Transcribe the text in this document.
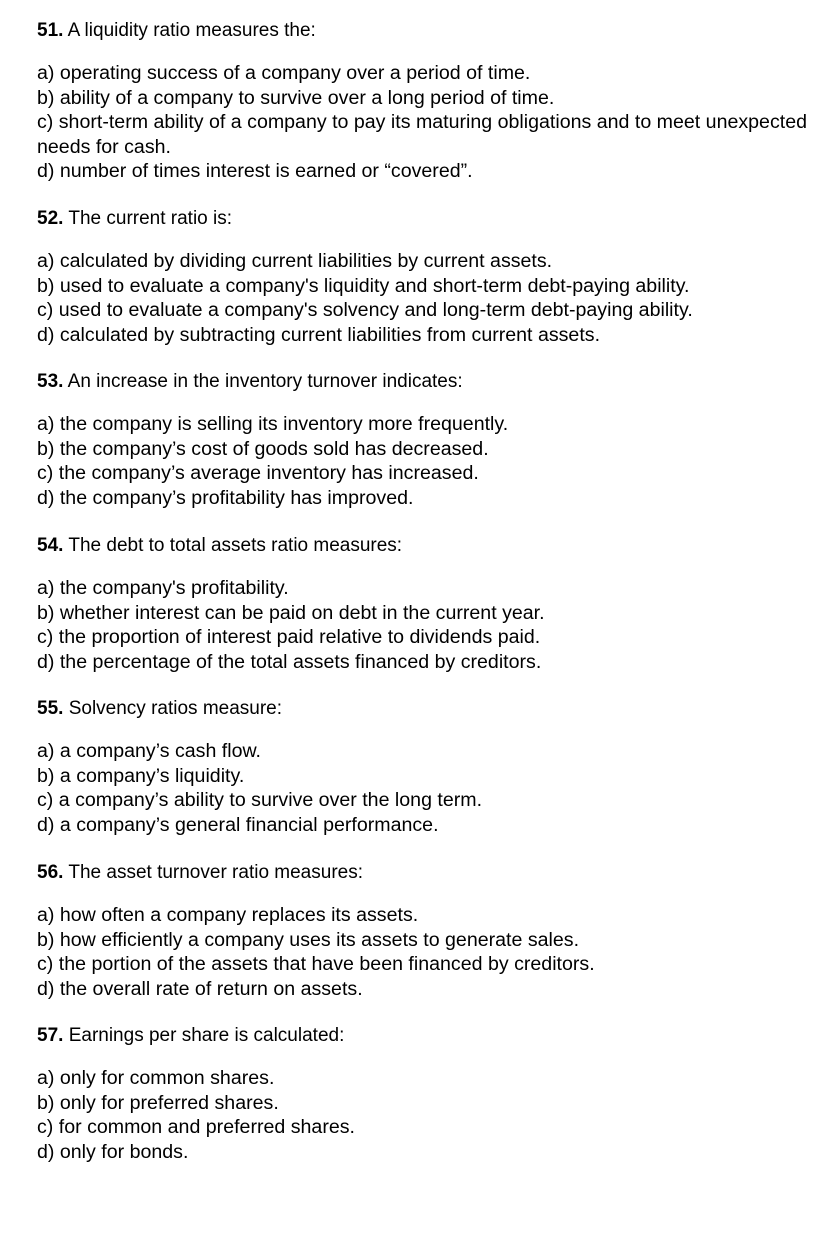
51. A liquidity ratio measures the:

a) operating success of a company over a period of time.
b) ability of a company to survive over a long period of time.
c) short-term ability of a company to pay its maturing obligations and to meet unexpected needs for cash.
d) number of times interest is earned or “covered”.

52. The current ratio is:

a) calculated by dividing current liabilities by current assets.
b) used to evaluate a company's liquidity and short-term debt-paying ability.
c) used to evaluate a company's solvency and long-term debt-paying ability.
d) calculated by subtracting current liabilities from current assets.

53. An increase in the inventory turnover indicates:

a) the company is selling its inventory more frequently.
b) the company’s cost of goods sold has decreased.
c) the company’s average inventory has increased.
d) the company’s profitability has improved.

54. The debt to total assets ratio measures:

a) the company's profitability.
b) whether interest can be paid on debt in the current year.
c) the proportion of interest paid relative to dividends paid.
d) the percentage of the total assets financed by creditors.

55. Solvency ratios measure:

a) a company’s cash flow.
b) a company’s liquidity.
c) a company’s ability to survive over the long term.
d) a company’s general financial performance.

56. The asset turnover ratio measures:

a) how often a company replaces its assets.
b) how efficiently a company uses its assets to generate sales.
c) the portion of the assets that have been financed by creditors.
d) the overall rate of return on assets.

57. Earnings per share is calculated:

a) only for common shares.
b) only for preferred shares.
c) for common and preferred shares.
d) only for bonds.
